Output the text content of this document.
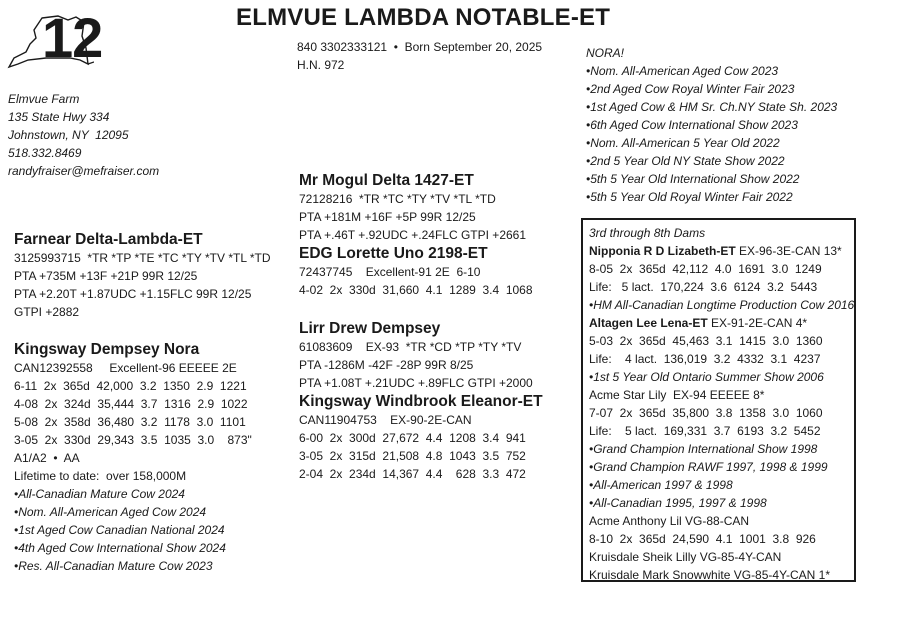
12	ELMVUE LAMBDA NOTABLE-ET
840 3302333121  •  Born September 20, 2025
H.N. 972
Elmvue Farm
135 State Hwy 334
Johnstown, NY  12095
518.332.8469
randyfraiser@mefraiser.com
NORA!
•Nom. All-American Aged Cow 2023
•2nd Aged Cow Royal Winter Fair 2023
•1st Aged Cow & HM Sr. Ch.NY State Sh. 2023
•6th Aged Cow International Show 2023
•Nom. All-American 5 Year Old 2022
•2nd 5 Year Old NY State Show 2022
•5th 5 Year Old International Show 2022
•5th 5 Year Old Royal Winter Fair 2022
Farnear Delta-Lambda-ET
3125993715  *TR *TP *TE *TC *TY *TV *TL *TD
PTA +735M +13F +21P 99R 12/25
PTA +2.20T +1.87UDC +1.15FLC 99R 12/25
GTPI +2882
Kingsway Dempsey Nora
CAN12392558     Excellent-96 EEEEE 2E
6-11  2x  365d  42,000  3.2  1350  2.9  1221
4-08  2x  324d  35,444  3.7  1316  2.9  1022
5-08  2x  358d  36,480  3.2  1178  3.0  1101
3-05  2x  330d  29,343  3.5  1035  3.0    873"
A1/A2  •  AA
Lifetime to date:  over 158,000M
•All-Canadian Mature Cow 2024
•Nom. All-American Aged Cow 2024
•1st Aged Cow Canadian National 2024
•4th Aged Cow International Show 2024
•Res. All-Canadian Mature Cow 2023
Mr Mogul Delta 1427-ET
72128216  *TR *TC *TY *TV *TL *TD
PTA +181M +16F +5P 99R 12/25
PTA +.46T +.92UDC +.24FLC GTPI +2661
EDG Lorette Uno 2198-ET
72437745    Excellent-91 2E  6-10
4-02  2x  330d  31,660  4.1  1289  3.4  1068
Lirr Drew Dempsey
61083609    EX-93  *TR *CD *TP *TY *TV
PTA -1286M -42F -28P 99R 8/25
PTA +1.08T +.21UDC +.89FLC GTPI +2000
Kingsway Windbrook Eleanor-ET
CAN11904753    EX-90-2E-CAN
6-00  2x  300d  27,672  4.4  1208  3.4  941
3-05  2x  315d  21,508  4.8  1043  3.5  752
2-04  2x  234d  14,367  4.4    628  3.3  472
3rd through 8th Dams
Nipponia R D Lizabeth-ET EX-96-3E-CAN 13*
8-05  2x  365d  42,112  4.0  1691  3.0  1249
Life:   5 lact.  170,224  3.6  6124  3.2  5443
•HM All-Canadian Longtime Production Cow 2016
Altagen Lee Lena-ET EX-91-2E-CAN 4*
5-03  2x  365d  45,463  3.1  1415  3.0  1360
Life:    4 lact.  136,019  3.2  4332  3.1  4237
•1st 5 Year Old Ontario Summer Show 2006
Acme Star Lily  EX-94 EEEEE 8*
7-07  2x  365d  35,800  3.8  1358  3.0  1060
Life:    5 lact.  169,331  3.7  6193  3.2  5452
•Grand Champion International Show 1998
•Grand Champion RAWF 1997, 1998 & 1999
•All-American 1997 & 1998
•All-Canadian 1995, 1997 & 1998
Acme Anthony Lil VG-88-CAN
8-10  2x  365d  24,590  4.1  1001  3.8  926
Kruisdale Sheik Lilly VG-85-4Y-CAN
Kruisdale Mark Snowwhite VG-85-4Y-CAN 1*
